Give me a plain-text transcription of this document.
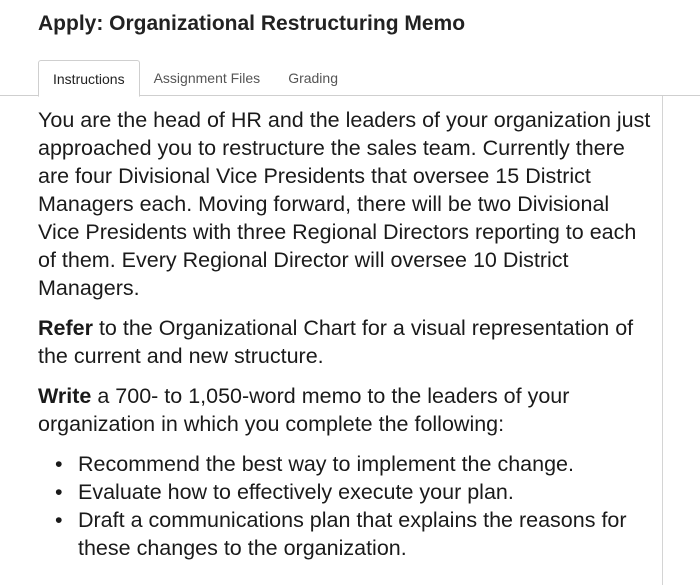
Apply: Organizational Restructuring Memo
Instructions	Assignment Files	Grading

You are the head of HR and the leaders of your organization just approached you to restructure the sales team. Currently there are four Divisional Vice Presidents that oversee 15 District Managers each. Moving forward, there will be two Divisional Vice Presidents with three Regional Directors reporting to each of them. Every Regional Director will oversee 10 District Managers.

Refer to the Organizational Chart for a visual representation of the current and new structure.

Write a 700- to 1,050-word memo to the leaders of your organization in which you complete the following:

• Recommend the best way to implement the change.
• Evaluate how to effectively execute your plan.
• Draft a communications plan that explains the reasons for these changes to the organization.
